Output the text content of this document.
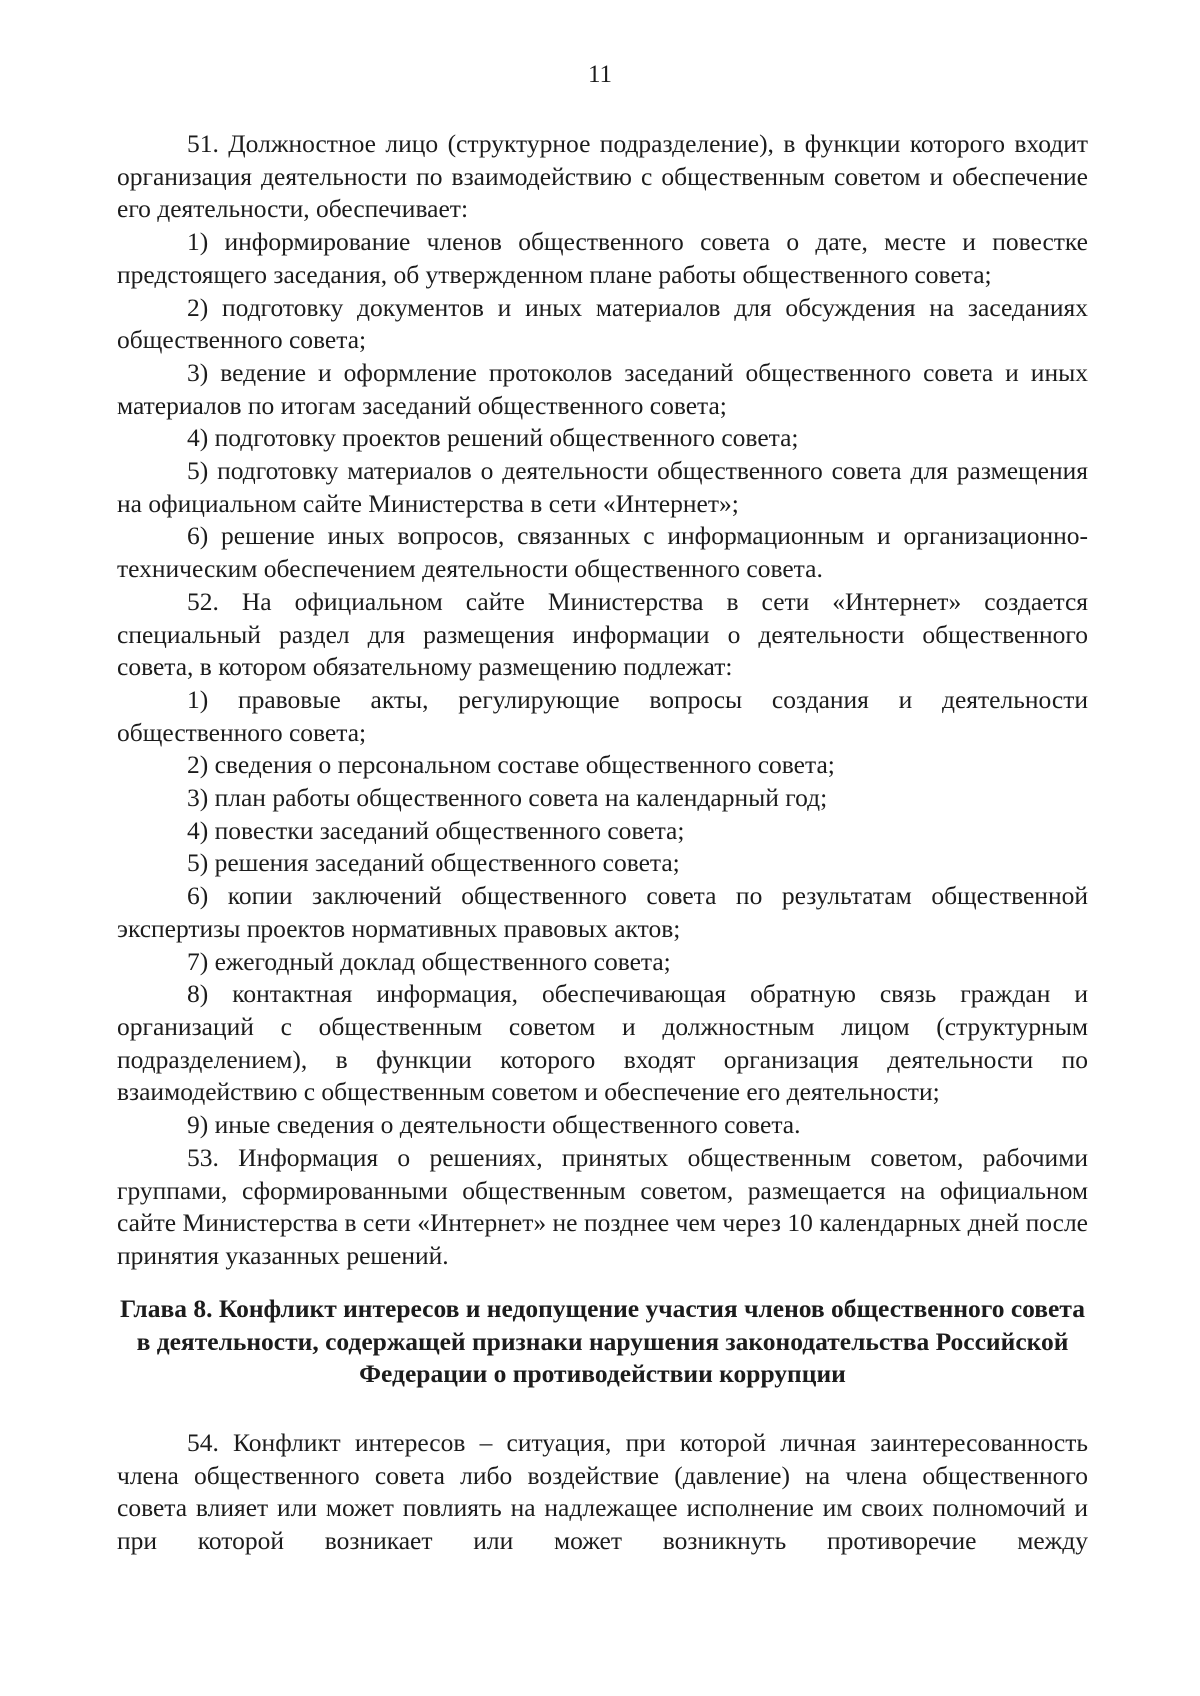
11

51. Должностное лицо (структурное подразделение), в функции которого входит организация деятельности по взаимодействию с общественным советом и обеспечение его деятельности, обеспечивает:

1) информирование членов общественного совета о дате, месте и повестке предстоящего заседания, об утвержденном плане работы общественного совета;

2) подготовку документов и иных материалов для обсуждения на заседаниях общественного совета;

3) ведение и оформление протоколов заседаний общественного совета и иных материалов по итогам заседаний общественного совета;

4) подготовку проектов решений общественного совета;

5) подготовку материалов о деятельности общественного совета для размещения на официальном сайте Министерства в сети «Интернет»;

6) решение иных вопросов, связанных с информационным и организационно-техническим обеспечением деятельности общественного совета.

52. На официальном сайте Министерства в сети «Интернет» создается специальный раздел для размещения информации о деятельности общественного совета, в котором обязательному размещению подлежат:

1) правовые акты, регулирующие вопросы создания и деятельности общественного совета;

2) сведения о персональном составе общественного совета;

3) план работы общественного совета на календарный год;

4) повестки заседаний общественного совета;

5) решения заседаний общественного совета;

6) копии заключений общественного совета по результатам общественной экспертизы проектов нормативных правовых актов;

7) ежегодный доклад общественного совета;

8) контактная информация, обеспечивающая обратную связь граждан и организаций с общественным советом и должностным лицом (структурным подразделением), в функции которого входят организация деятельности по взаимодействию с общественным советом и обеспечение его деятельности;

9) иные сведения о деятельности общественного совета.

53. Информация о решениях, принятых общественным советом, рабочими группами, сформированными общественным советом, размещается на официальном сайте Министерства в сети «Интернет» не позднее чем через 10 календарных дней после принятия указанных решений.

Глава 8. Конфликт интересов и недопущение участия членов общественного совета в деятельности, содержащей признаки нарушения законодательства Российской Федерации о противодействии коррупции

54. Конфликт интересов – ситуация, при которой личная заинтересованность члена общественного совета либо воздействие (давление) на члена общественного совета влияет или может повлиять на надлежащее исполнение им своих полномочий и при которой возникает или может возникнуть противоречие между
